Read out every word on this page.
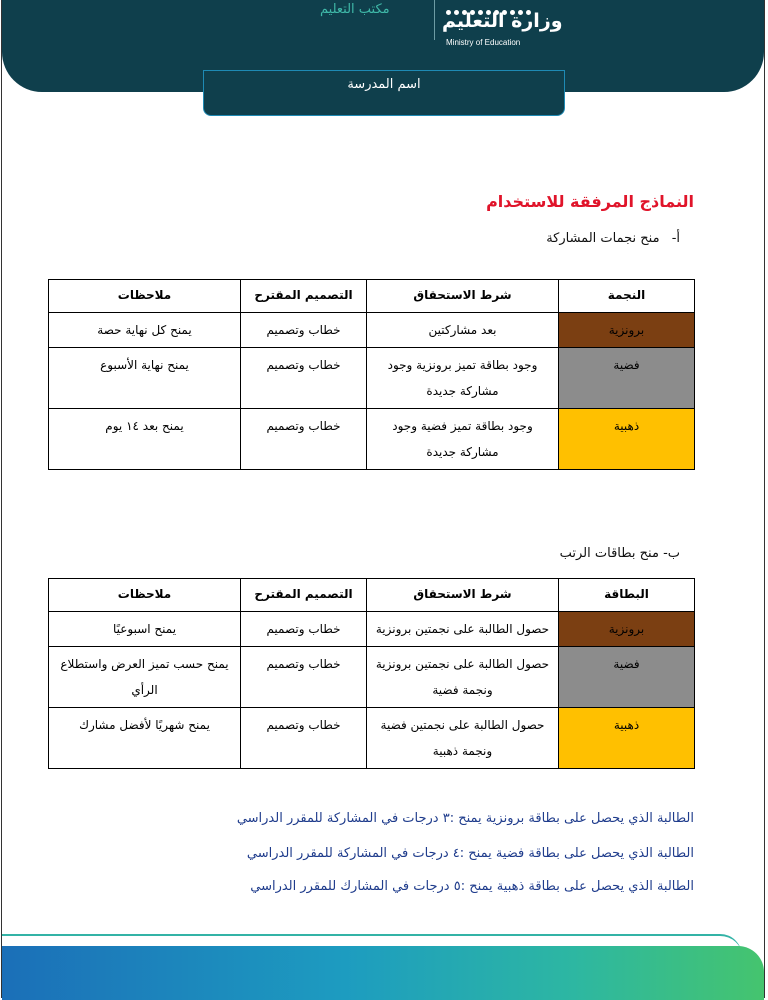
مكتب التعليم
وزارة التعليم
Ministry of Education
اسم المدرسة
النماذج المرفقة للاستخدام
أ- منح نجمات المشاركة
النجمة	شرط الاستحقاق	التصميم المقترح	ملاحظات
برونزية	بعد مشاركتين	خطاب وتصميم	يمنح كل نهاية حصة
فضية	وجود بطاقة تميز برونزية وجود مشاركة جديدة	خطاب وتصميم	يمنح نهاية الأسبوع
ذهبية	وجود بطاقة تميز فضية وجود مشاركة جديدة	خطاب وتصميم	يمنح بعد ١٤ يوم
ب- منح بطاقات الرتب
البطاقة	شرط الاستحقاق	التصميم المقترح	ملاحظات
برونزية	حصول الطالبة على نجمتين برونزية	خطاب وتصميم	يمنح اسبوعيًا
فضية	حصول الطالبة على نجمتين برونزية ونجمة فضية	خطاب وتصميم	يمنح حسب تميز العرض واستطلاع الرأي
ذهبية	حصول الطالبة على نجمتين فضية ونجمة ذهبية	خطاب وتصميم	يمنح شهريًا لأفضل مشارك
الطالبة الذي يحصل على بطاقة برونزية يمنح :٣ درجات في المشاركة للمقرر الدراسي
الطالبة الذي يحصل على بطاقة فضية يمنح :٤ درجات في المشاركة للمقرر الدراسي
الطالبة الذي يحصل على بطاقة ذهبية يمنح :٥ درجات في المشارك للمقرر الدراسي
